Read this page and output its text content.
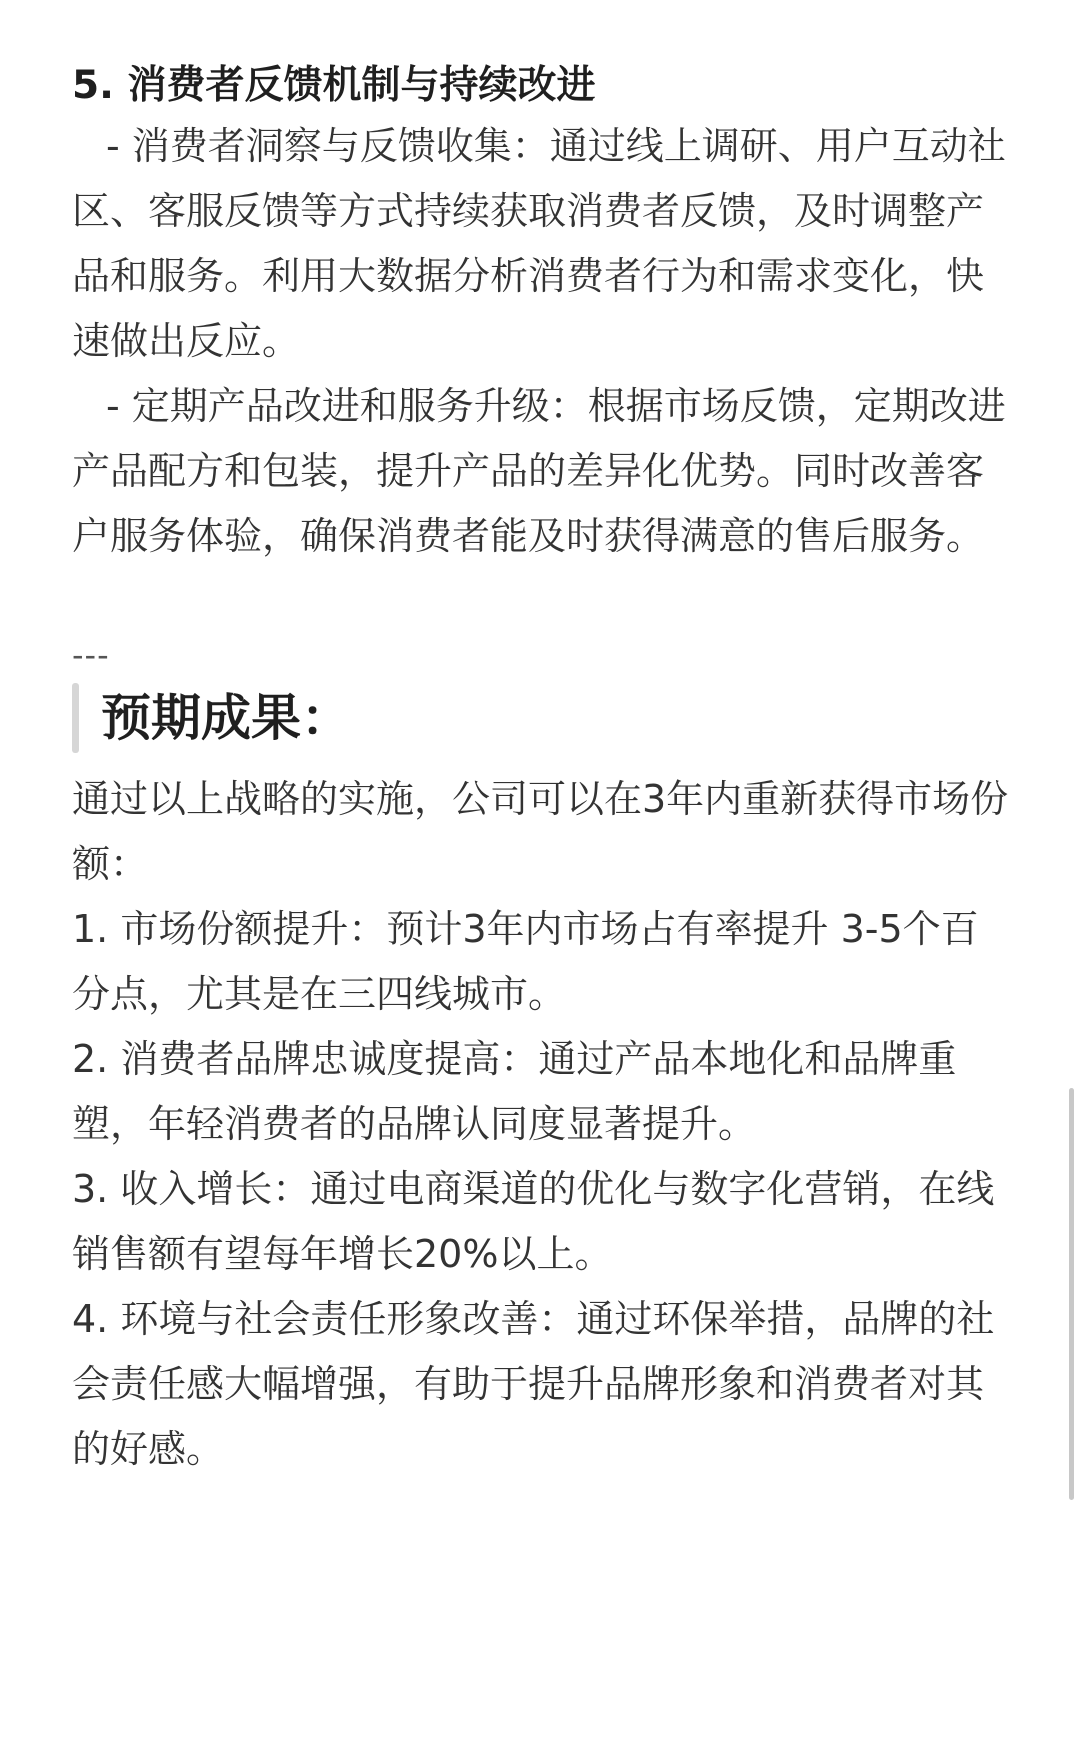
5. 消费者反馈机制与持续改进

- 消费者洞察与反馈收集：通过线上调研、用户互动社区、客服反馈等方式持续获取消费者反馈，及时调整产品和服务。利用大数据分析消费者行为和需求变化，快速做出反应。

- 定期产品改进和服务升级：根据市场反馈，定期改进产品配方和包装，提升产品的差异化优势。同时改善客户服务体验，确保消费者能及时获得满意的售后服务。

---
预期成果：

通过以上战略的实施，公司可以在3年内重新获得市场份额：

1. 市场份额提升：预计3年内市场占有率提升 3-5个百分点，尤其是在三四线城市。

2. 消费者品牌忠诚度提高：通过产品本地化和品牌重塑，年轻消费者的品牌认同度显著提升。

3. 收入增长：通过电商渠道的优化与数字化营销，在线销售额有望每年增长20%以上。

4. 环境与社会责任形象改善：通过环保举措，品牌的社会责任感大幅增强，有助于提升品牌形象和消费者对其的好感。
